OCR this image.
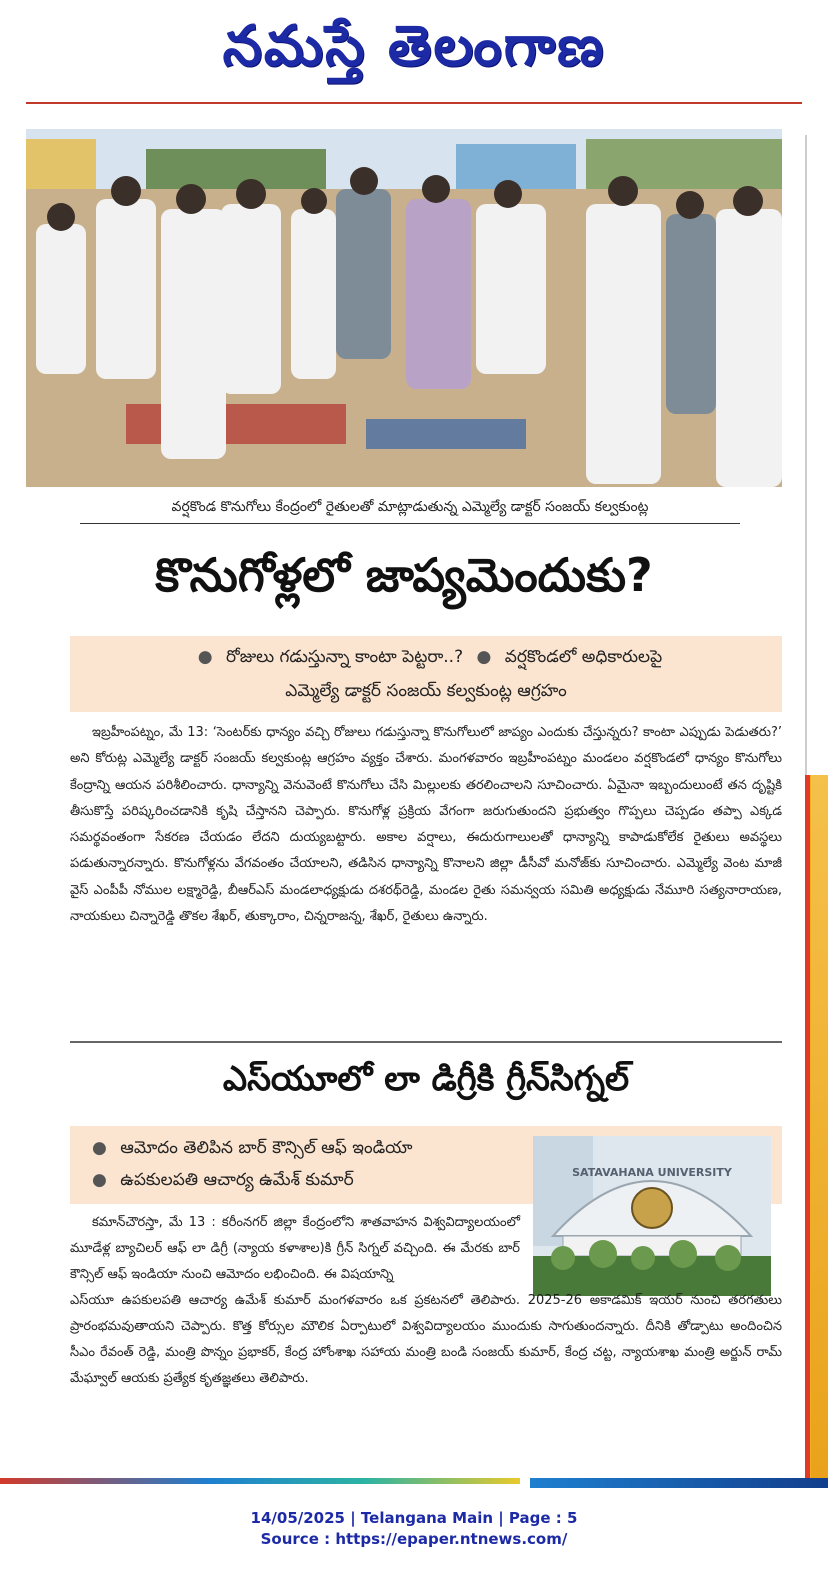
నమస్తే తెలంగాణ
వర్షకొండ కొనుగోలు కేంద్రంలో రైతులతో మాట్లాడుతున్న ఎమ్మెల్యే డాక్టర్ సంజయ్ కల్వకుంట్ల
కొనుగోళ్లలో జాప్యమెందుకు?
● రోజులు గడుస్తున్నా కాంటా పెట్టరా..? ● వర్షకొండలో అధికారులపై
ఎమ్మెల్యే డాక్టర్ సంజయ్ కల్వకుంట్ల ఆగ్రహం

ఇబ్రహీంపట్నం, మే 13: ‘సెంటర్‌కు ధాన్యం వచ్చి రోజులు గడుస్తున్నా కొనుగోలులో జాప్యం ఎందుకు చేస్తున్నరు? కాంటా ఎప్పుడు పెడుతరు?’ అని కోరుట్ల ఎమ్మెల్యే డాక్టర్ సంజయ్ కల్వకుంట్ల ఆగ్రహం వ్యక్తం చేశారు. మంగళవారం ఇబ్రహీంపట్నం మండలం వర్షకొండలో ధాన్యం కొనుగోలు కేంద్రాన్ని ఆయన పరిశీలించారు. ధాన్యాన్ని వెనువెంటే కొనుగోలు చేసి మిల్లులకు తరలించాలని సూచించారు. ఏమైనా ఇబ్బందులుంటే తన దృష్టికి తీసుకొస్తే పరిష్కరించడానికి కృషి చేస్తానని చెప్పారు. కొనుగోళ్ల ప్రక్రియ వేగంగా జరుగుతుందని ప్రభుత్వం గొప్పలు చెప్పడం తప్పా ఎక్కడ సమర్థవంతంగా సేకరణ చేయడం లేదని దుయ్యబట్టారు. అకాల వర్షాలు, ఈదురుగాలులతో ధాన్యాన్ని కాపాడుకోలేక రైతులు అవస్థలు పడుతున్నారన్నారు. కొనుగోళ్లను వేగవంతం చేయాలని, తడిసిన ధాన్యాన్ని కొనాలని జిల్లా డీసీవో మనోజ్‌కు సూచించారు. ఎమ్మెల్యే వెంట మాజీ వైస్ ఎంపీపీ నోముల లక్ష్మారెడ్డి, బీఆర్‌ఎస్ మండలాధ్యక్షుడు దశరథ్‌రెడ్డి, మండల రైతు సమన్వయ సమితి అధ్యక్షుడు నేమూరి సత్యనారాయణ, నాయకులు చిన్నారెడ్డి తొకల శేఖర్, తుక్కారాం, చిన్నరాజన్న, శేఖర్, రైతులు ఉన్నారు.

ఎస్‌యూలో లా డిగ్రీకి గ్రీన్‌సిగ్నల్
● ఆమోదం తెలిపిన బార్ కౌన్సిల్ ఆఫ్ ఇండియా
● ఉపకులపతి ఆచార్య ఉమేశ్ కుమార్	SATAVAHANA UNIVERSITY

కమాన్‌చౌరస్తా, మే 13 : కరీంనగర్ జిల్లా కేంద్రంలోని శాతవాహన విశ్వవిద్యాలయంలో మూడేళ్ల బ్యాచిలర్ ఆఫ్ లా డిగ్రీ (న్యాయ కళాశాల)కి గ్రీన్ సిగ్నల్ వచ్చింది. ఈ మేరకు బార్ కౌన్సిల్ ఆఫ్ ఇండియా నుంచి ఆమోదం లభించింది. ఈ విషయాన్ని

ఎస్‌యూ ఉపకులపతి ఆచార్య ఉమేశ్ కుమార్ మంగళవారం ఒక ప్రకటనలో తెలిపారు. 2025-26 అకాడమిక్ ఇయర్ నుంచి తరగతులు ప్రారంభమవుతాయని చెప్పారు. కొత్త కోర్సుల మౌలిక ఏర్పాటులో విశ్వవిద్యాలయం ముందుకు సాగుతుందన్నారు. దీనికి తోడ్పాటు అందించిన సీఎం రేవంత్ రెడ్డి, మంత్రి పొన్నం ప్రభాకర్, కేంద్ర హోంశాఖ సహాయ మంత్రి బండి సంజయ్ కుమార్, కేంద్ర చట్ట, న్యాయశాఖ మంత్రి అర్జున్ రామ్ మేఘ్వాల్ ఆయకు ప్రత్యేక కృతజ్ఞతలు తెలిపారు.

14/05/2025 | Telangana Main | Page : 5
Source : https://epaper.ntnews.com/
